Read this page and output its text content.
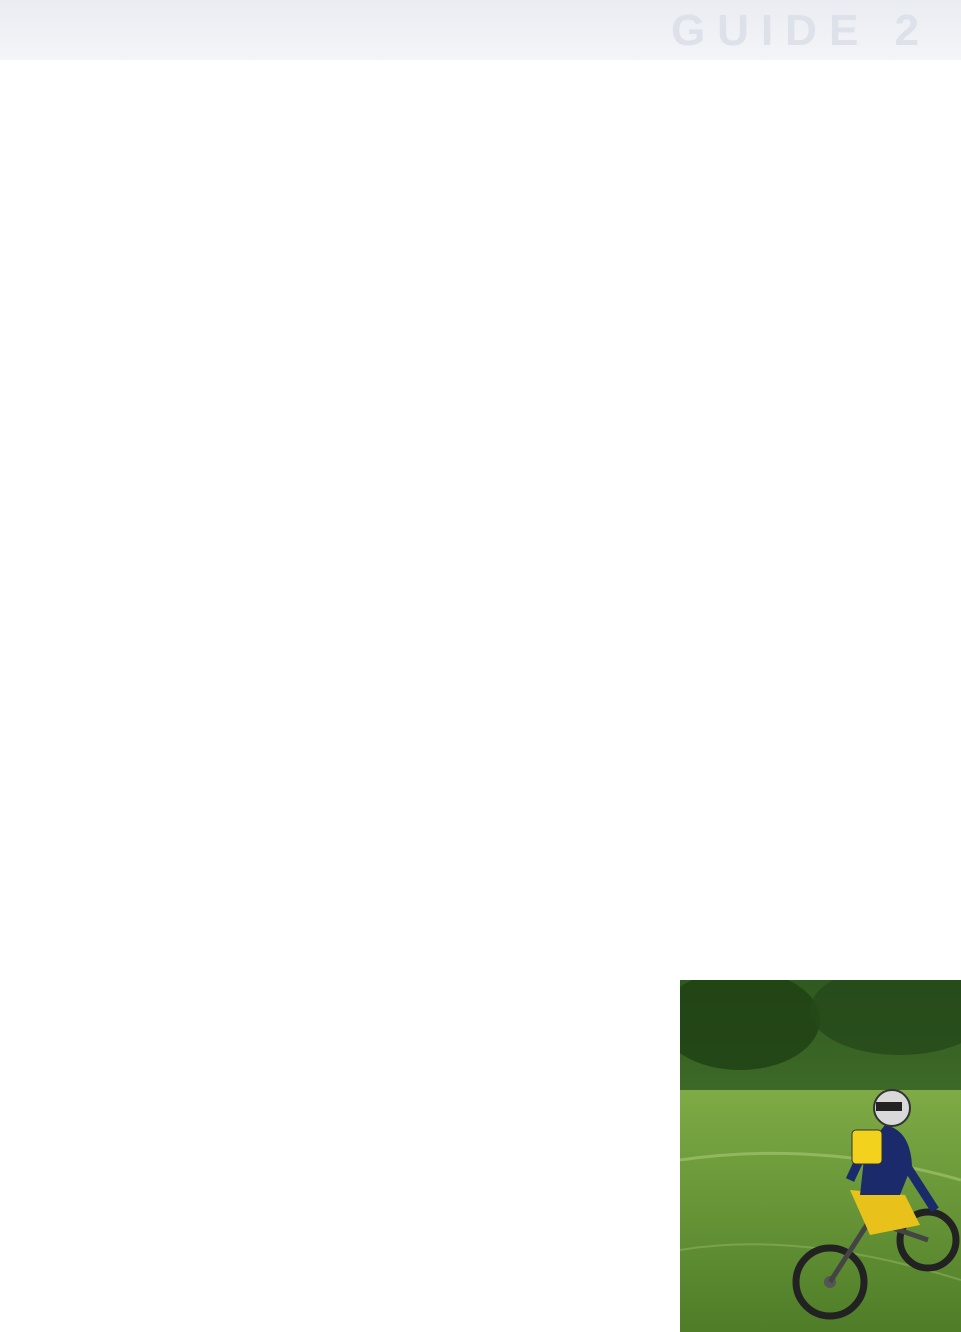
GUIDE 2
